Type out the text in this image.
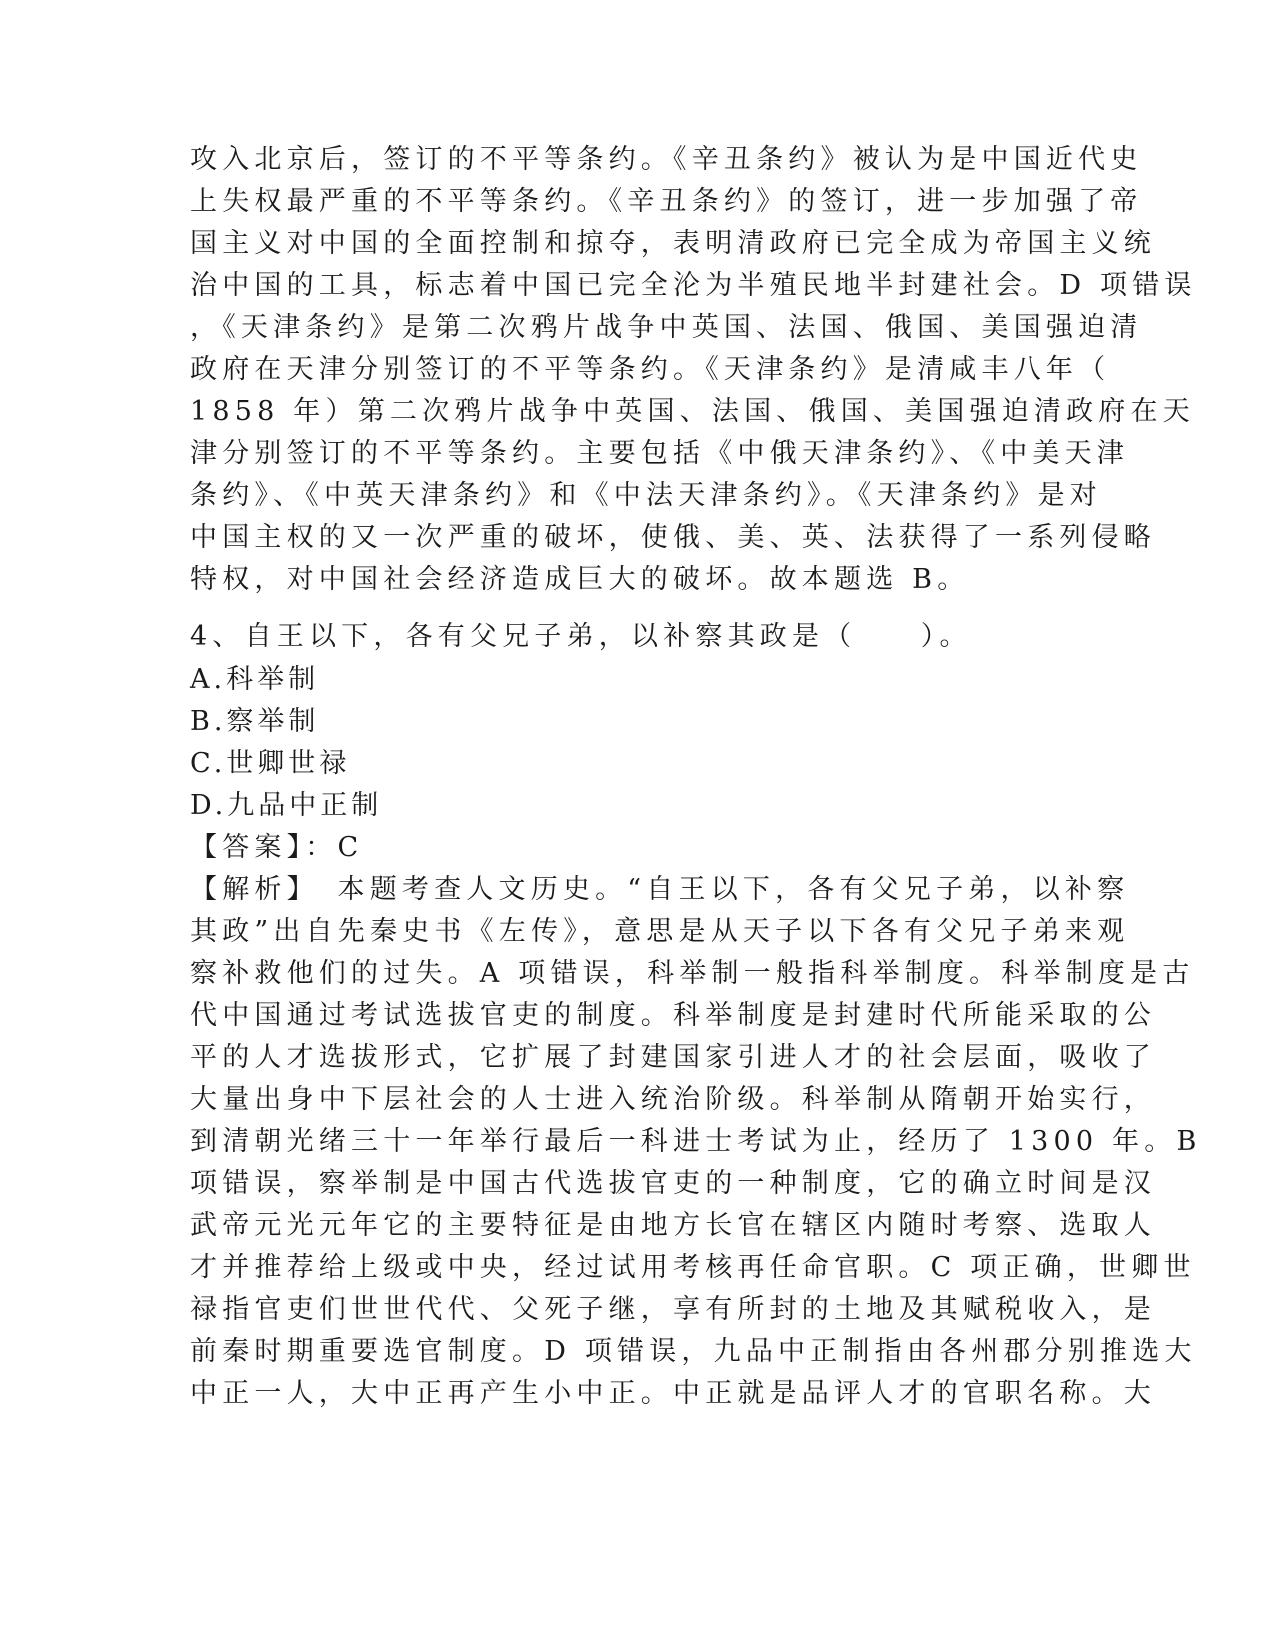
攻入北京后，签订的不平等条约。《辛丑条约》被认为是中国近代史
上失权最严重的不平等条约。《辛丑条约》的签订，进一步加强了帝
国主义对中国的全面控制和掠夺，表明清政府已完全成为帝国主义统
治中国的工具，标志着中国已完全沦为半殖民地半封建社会。D 项错误
，《天津条约》是第二次鸦片战争中英国、法国、俄国、美国强迫清
政府在天津分别签订的不平等条约。《天津条约》是清咸丰八年（
1858 年）第二次鸦片战争中英国、法国、俄国、美国强迫清政府在天
津分别签订的不平等条约。主要包括《中俄天津条约》、《中美天津
条约》、《中英天津条约》和《中法天津条约》。《天津条约》是对
中国主权的又一次严重的破坏，使俄、美、英、法获得了一系列侵略
特权，对中国社会经济造成巨大的破坏。故本题选 B。
4、自王以下，各有父兄子弟，以补察其政是（　　）。
A.科举制
B.察举制
C.世卿世禄
D.九品中正制
【答案】：C
【解析】　本题考查人文历史。“自王以下，各有父兄子弟，以补察
其政”出自先秦史书《左传》，意思是从天子以下各有父兄子弟来观
察补救他们的过失。A 项错误，科举制一般指科举制度。科举制度是古
代中国通过考试选拔官吏的制度。科举制度是封建时代所能采取的公
平的人才选拔形式，它扩展了封建国家引进人才的社会层面，吸收了
大量出身中下层社会的人士进入统治阶级。科举制从隋朝开始实行，
到清朝光绪三十一年举行最后一科进士考试为止，经历了 1300 年。B
项错误，察举制是中国古代选拔官吏的一种制度，它的确立时间是汉
武帝元光元年它的主要特征是由地方长官在辖区内随时考察、选取人
才并推荐给上级或中央，经过试用考核再任命官职。C 项正确，世卿世
禄指官吏们世世代代、父死子继，享有所封的土地及其赋税收入，是
前秦时期重要选官制度。D 项错误，九品中正制指由各州郡分别推选大
中正一人，大中正再产生小中正。中正就是品评人才的官职名称。大
